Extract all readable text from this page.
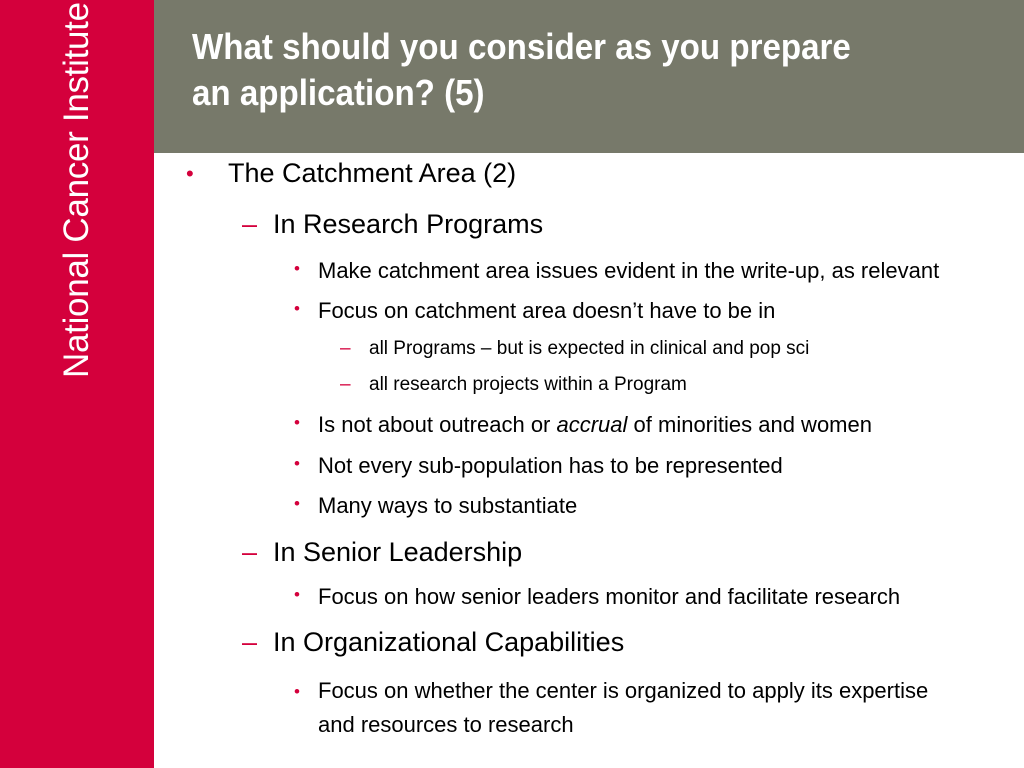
National Cancer Institute	What should you consider as you prepare
an application? (5)
• The Catchment Area (2)
– In Research Programs
• Make catchment area issues evident in the write-up, as relevant
• Focus on catchment area doesn’t have to be in
– all Programs – but is expected in clinical and pop sci
– all research projects within a Program
• Is not about outreach or accrual of minorities and women
• Not every sub-population has to be represented
• Many ways to substantiate
– In Senior Leadership
• Focus on how senior leaders monitor and facilitate research
– In Organizational Capabilities
• Focus on whether the center is organized to apply its expertise
and resources to research
